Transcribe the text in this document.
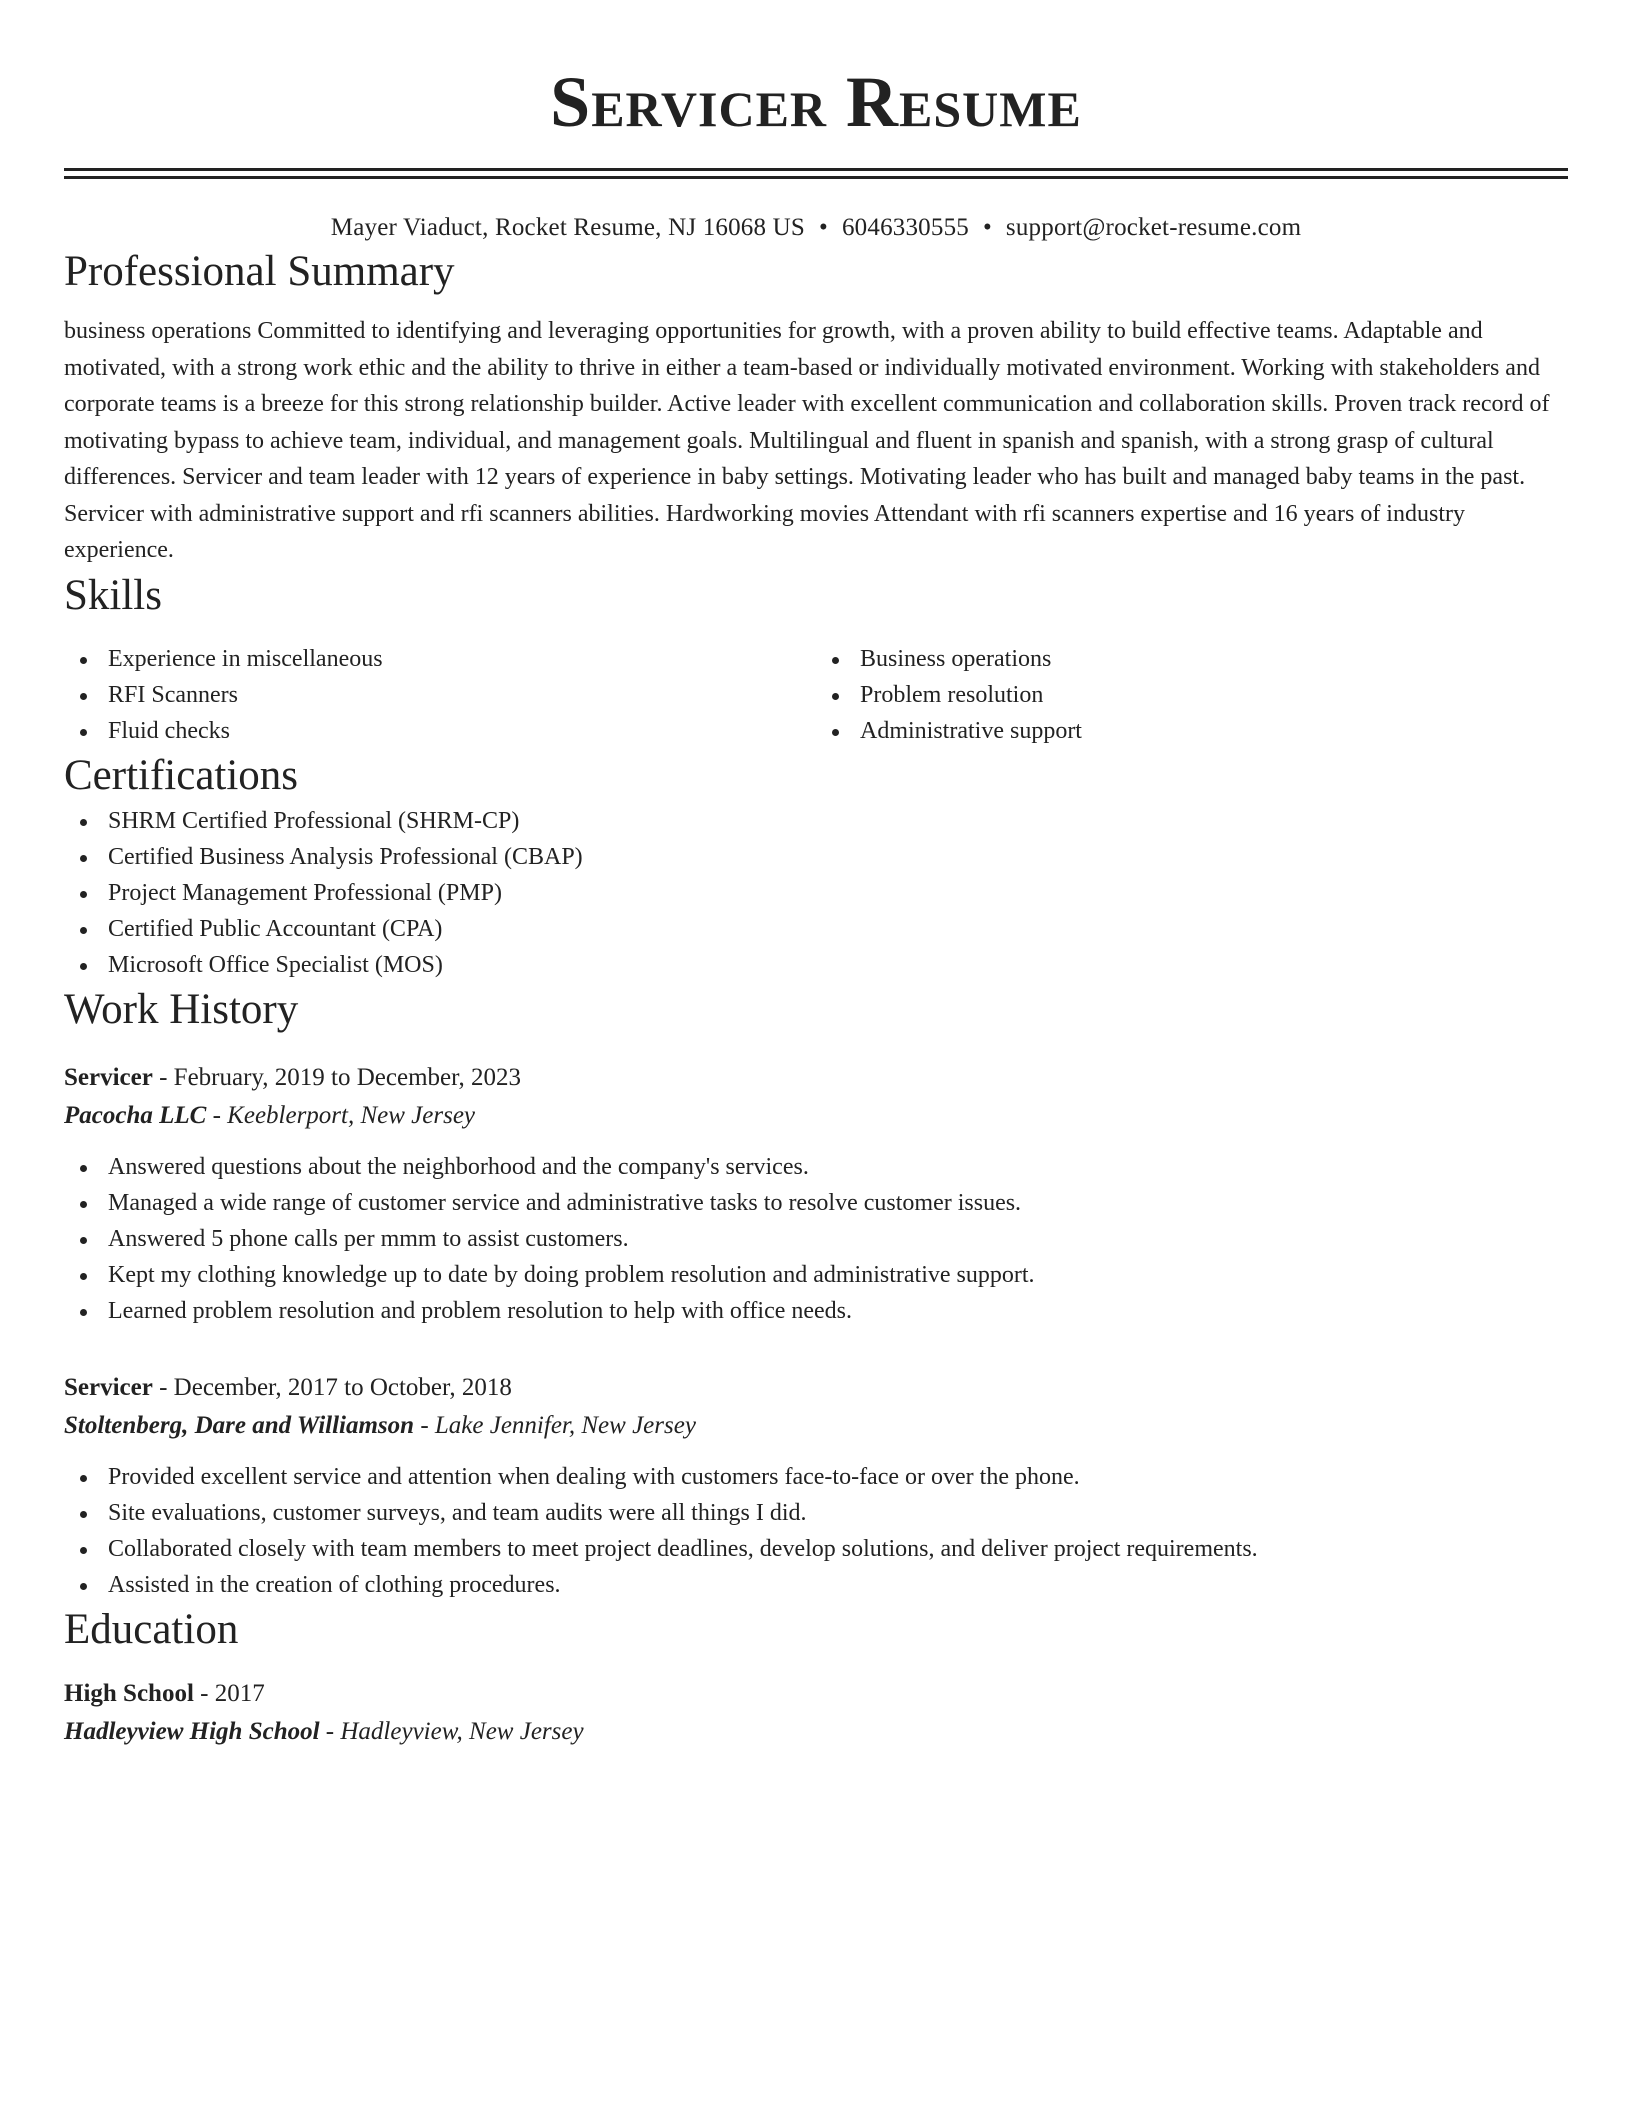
Servicer Resume
Mayer Viaduct, Rocket Resume, NJ 16068 US • 6046330555 • support@rocket-resume.com
Professional Summary

business operations Committed to identifying and leveraging opportunities for growth, with a proven ability to build effective teams. Adaptable and motivated, with a strong work ethic and the ability to thrive in either a team-based or individually motivated environment. Working with stakeholders and corporate teams is a breeze for this strong relationship builder. Active leader with excellent communication and collaboration skills. Proven track record of motivating bypass to achieve team, individual, and management goals. Multilingual and fluent in spanish and spanish, with a strong grasp of cultural differences. Servicer and team leader with 12 years of experience in baby settings. Motivating leader who has built and managed baby teams in the past. Servicer with administrative support and rfi scanners abilities. Hardworking movies Attendant with rfi scanners expertise and 16 years of industry experience.

Skills
Experience in miscellaneous
RFI Scanners
Fluid checks
Business operations
Problem resolution
Administrative support
Certifications
SHRM Certified Professional (SHRM-CP)
Certified Business Analysis Professional (CBAP)
Project Management Professional (PMP)
Certified Public Accountant (CPA)
Microsoft Office Specialist (MOS)
Work History
Servicer - February, 2019 to December, 2023
Pacocha LLC - Keeblerport, New Jersey
Answered questions about the neighborhood and the company's services.
Managed a wide range of customer service and administrative tasks to resolve customer issues.
Answered 5 phone calls per mmm to assist customers.
Kept my clothing knowledge up to date by doing problem resolution and administrative support.
Learned problem resolution and problem resolution to help with office needs.
Servicer - December, 2017 to October, 2018
Stoltenberg, Dare and Williamson - Lake Jennifer, New Jersey
Provided excellent service and attention when dealing with customers face-to-face or over the phone.
Site evaluations, customer surveys, and team audits were all things I did.
Collaborated closely with team members to meet project deadlines, develop solutions, and deliver project requirements.
Assisted in the creation of clothing procedures.
Education
High School - 2017
Hadleyview High School - Hadleyview, New Jersey
